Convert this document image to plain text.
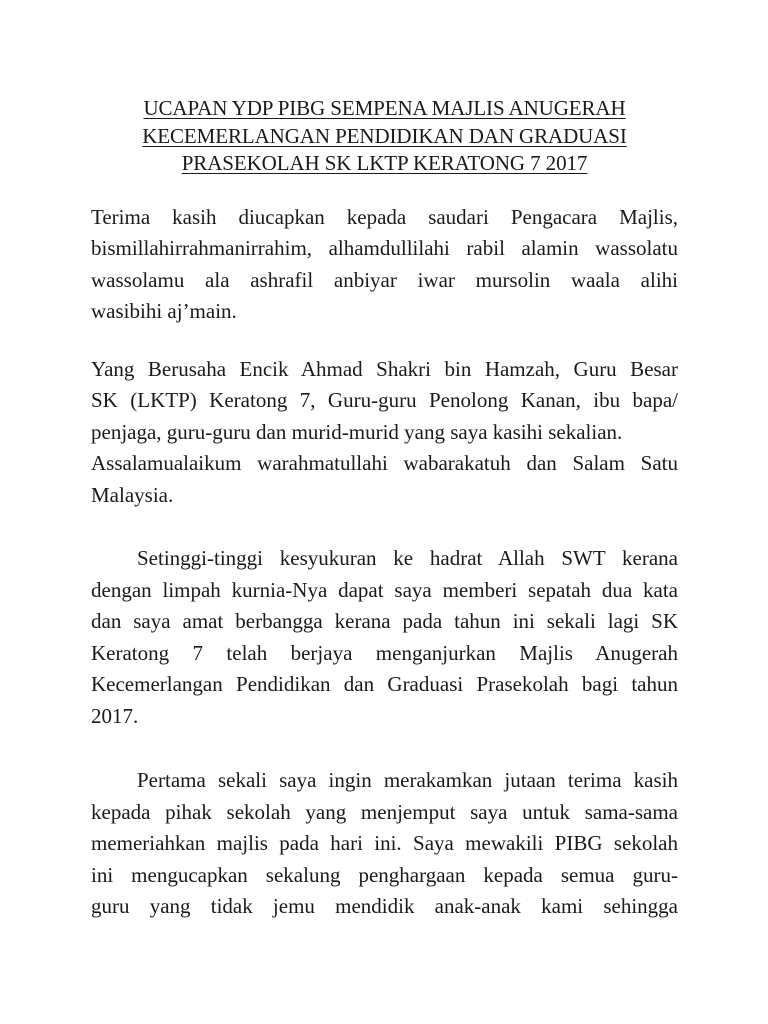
UCAPAN YDP PIBG SEMPENA MAJLIS ANUGERAH
KECEMERLANGAN PENDIDIKAN DAN GRADUASI
PRASEKOLAH SK LKTP KERATONG 7 2017

Terima kasih diucapkan kepada saudari Pengacara Majlis,
bismillahirrahmanirrahim, alhamdullilahi rabil alamin wassolatu
wassolamu ala ashrafil anbiyar iwar mursolin waala alihi
wasibihi aj’main.

Yang Berusaha Encik Ahmad Shakri bin Hamzah, Guru Besar
SK (LKTP) Keratong 7, Guru-guru Penolong Kanan, ibu bapa/
penjaga, guru-guru dan murid-murid yang saya kasihi sekalian.
Assalamualaikum warahmatullahi wabarakatuh dan Salam Satu
Malaysia.

Setinggi-tinggi kesyukuran ke hadrat Allah SWT kerana
dengan limpah kurnia-Nya dapat saya memberi sepatah dua kata
dan saya amat berbangga kerana pada tahun ini sekali lagi SK
Keratong 7 telah berjaya menganjurkan Majlis Anugerah
Kecemerlangan Pendidikan dan Graduasi Prasekolah bagi tahun
2017.

Pertama sekali saya ingin merakamkan jutaan terima kasih
kepada pihak sekolah yang menjemput saya untuk sama-sama
memeriahkan majlis pada hari ini. Saya mewakili PIBG sekolah
ini mengucapkan sekalung penghargaan kepada semua guru-
guru yang tidak jemu mendidik anak-anak kami sehingga
